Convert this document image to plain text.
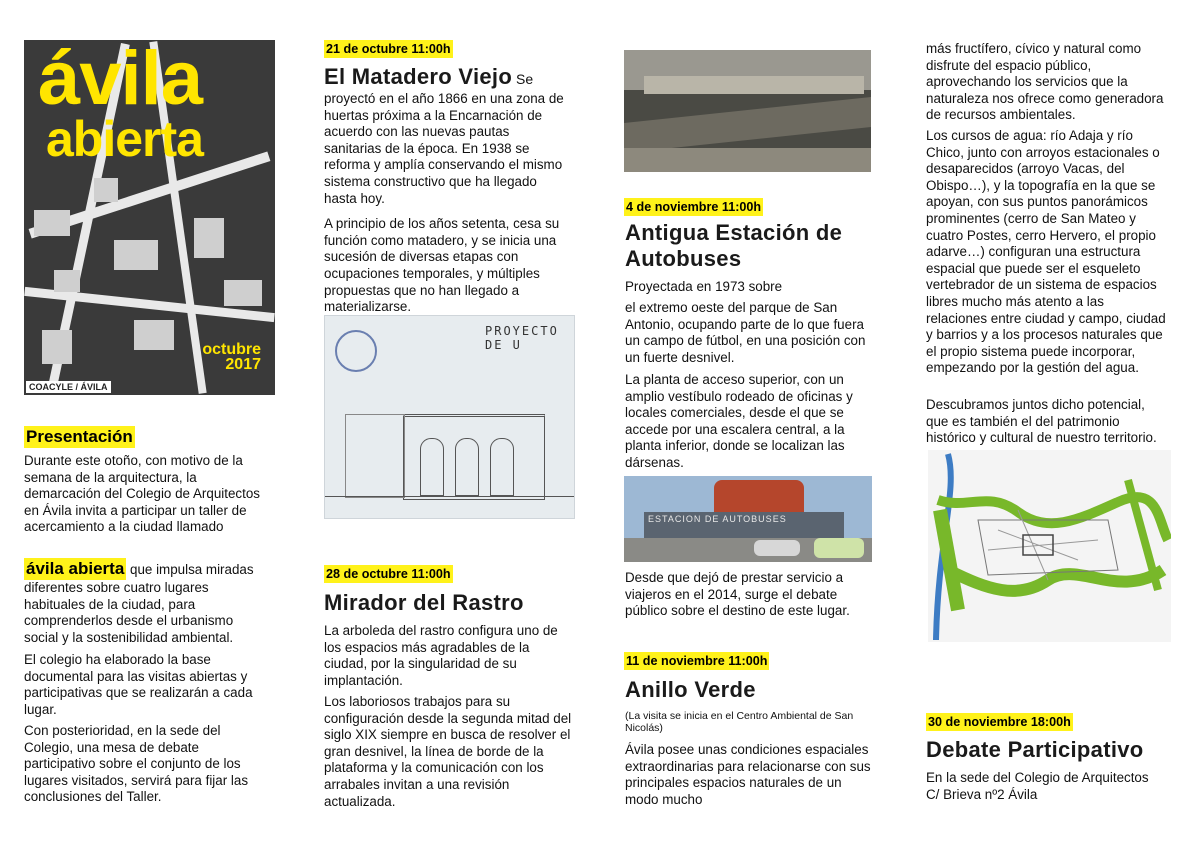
ávila
abierta
octubre
2017
COACYLE / ÁVILA
Presentación

Durante este otoño, con motivo de la semana de la arquitectura, la demarcación del Colegio de Arquitectos en Ávila invita a participar un taller de acercamiento a la ciudad llamado

ávila abierta que impulsa miradas diferentes sobre cuatro lugares habituales de la ciudad, para comprenderlos desde el urbanismo social y la sostenibilidad ambiental.

El colegio ha elaborado la base documental para las visitas abiertas y participativas que se realizarán a cada lugar.

Con posterioridad, en la sede del Colegio, una mesa de debate participativo sobre el conjunto de los lugares visitados, servirá para fijar las conclusiones del Taller.

21 de octubre 11:00h
El Matadero Viejo Se

proyectó en el año 1866 en una zona de huertas próxima a la Encarnación de acuerdo con las nuevas pautas sanitarias de la época. En 1938 se reforma y amplía conservando el mismo sistema constructivo que ha llegado hasta hoy.

A principio de los años setenta, cesa su función como matadero, y se inicia una sucesión de diversas etapas con ocupaciones temporales, y múltiples propuestas que no han llegado a materializarse.

PROYECTO DE U
28 de octubre 11:00h
Mirador del Rastro

La arboleda del rastro configura uno de los espacios más agradables de la ciudad, por la singularidad de su implantación.

Los laboriosos trabajos para su configuración desde la segunda mitad del siglo XIX siempre en busca de resolver el gran desnivel, la línea de borde de la plataforma y la comunicación con los arrabales invitan a una revisión actualizada.

4 de noviembre 11:00h
Antigua Estación de Autobuses

Proyectada en 1973 sobre

el extremo oeste del parque de San Antonio, ocupando parte de lo que fuera un campo de fútbol, en una posición con un fuerte desnivel.

La planta de acceso superior, con un amplio vestíbulo rodeado de oficinas y locales comerciales, desde el que se accede por una escalera central, a la planta inferior, donde se localizan las dársenas.

ESTACION DE AUTOBUSES

Desde que dejó de prestar servicio a viajeros en el 2014, surge el debate público sobre el destino de este lugar.

11 de noviembre 11:00h
Anillo Verde

(La visita se inicia en el Centro Ambiental de San Nicolás)

Ávila posee unas condiciones espaciales extraordinarias para relacionarse con sus principales espacios naturales de un modo mucho

más fructífero, cívico y natural como disfrute del espacio público, aprovechando los servicios que la naturaleza nos ofrece como generadora de recursos ambientales.

Los cursos de agua: río Adaja y río Chico, junto con arroyos estacionales o desaparecidos (arroyo Vacas, del Obispo…), y la topografía en la que se apoyan, con sus puntos panorámicos prominentes (cerro de San Mateo y cuatro Postes, cerro Hervero, el propio adarve…) configuran una estructura espacial que puede ser el esqueleto vertebrador de un sistema de espacios libres mucho más atento a las relaciones entre ciudad y campo, ciudad y barrios y a los procesos naturales que el propio sistema puede incorporar, empezando por la gestión del agua.

Descubramos juntos dicho potencial, que es también el del patrimonio histórico y cultural de nuestro territorio.

30 de noviembre 18:00h
Debate Participativo

En la sede del Colegio de Arquitectos

C/ Brieva nº2 Ávila
